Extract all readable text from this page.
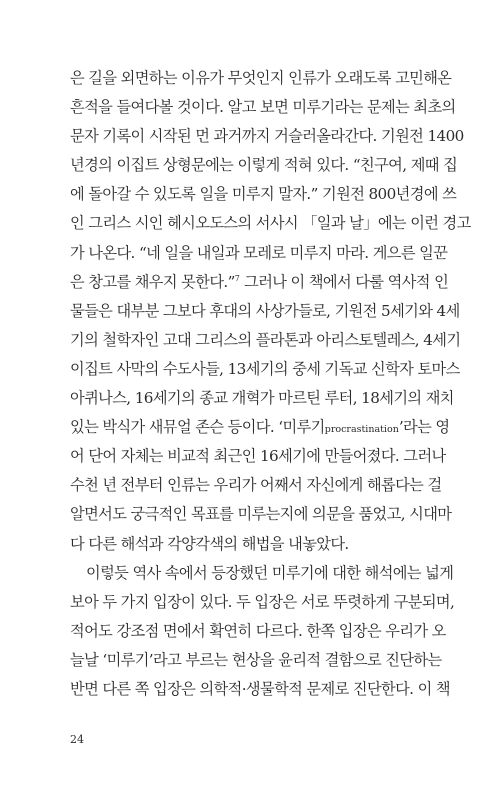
은 길을 외면하는 이유가 무엇인지 인류가 오래도록 고민해온
흔적을 들여다볼 것이다. 알고 보면 미루기라는 문제는 최초의
문자 기록이 시작된 먼 과거까지 거슬러올라간다. 기원전 1400
년경의 이집트 상형문에는 이렇게 적혀 있다. “친구여, 제때 집
에 돌아갈 수 있도록 일을 미루지 말자.” 기원전 800년경에 쓰
인 그리스 시인 헤시오도스의 서사시 「일과 날」에는 이런 경고
가 나온다. “네 일을 내일과 모레로 미루지 마라. 게으른 일꾼
은 창고를 채우지 못한다.”$^7$ 그러나 이 책에서 다룰 역사적 인
물들은 대부분 그보다 후대의 사상가들로, 기원전 5세기와 4세
기의 철학자인 고대 그리스의 플라톤과 아리스토텔레스, 4세기
이집트 사막의 수도사들, 13세기의 중세 기독교 신학자 토마스
아퀴나스, 16세기의 종교 개혁가 마르틴 루터, 18세기의 재치
있는 박식가 새뮤얼 존슨 등이다. ‘미루기procrastination’라는 영
어 단어 자체는 비교적 최근인 16세기에 만들어졌다. 그러나
수천 년 전부터 인류는 우리가 어째서 자신에게 해롭다는 걸
알면서도 궁극적인 목표를 미루는지에 의문을 품었고, 시대마
다 다른 해석과 각양각색의 해법을 내놓았다.
이렇듯 역사 속에서 등장했던 미루기에 대한 해석에는 넓게
보아 두 가지 입장이 있다. 두 입장은 서로 뚜렷하게 구분되며,
적어도 강조점 면에서 확연히 다르다. 한쪽 입장은 우리가 오
늘날 ‘미루기’라고 부르는 현상을 윤리적 결함으로 진단하는
반면 다른 쪽 입장은 의학적·생물학적 문제로 진단한다. 이 책
24
